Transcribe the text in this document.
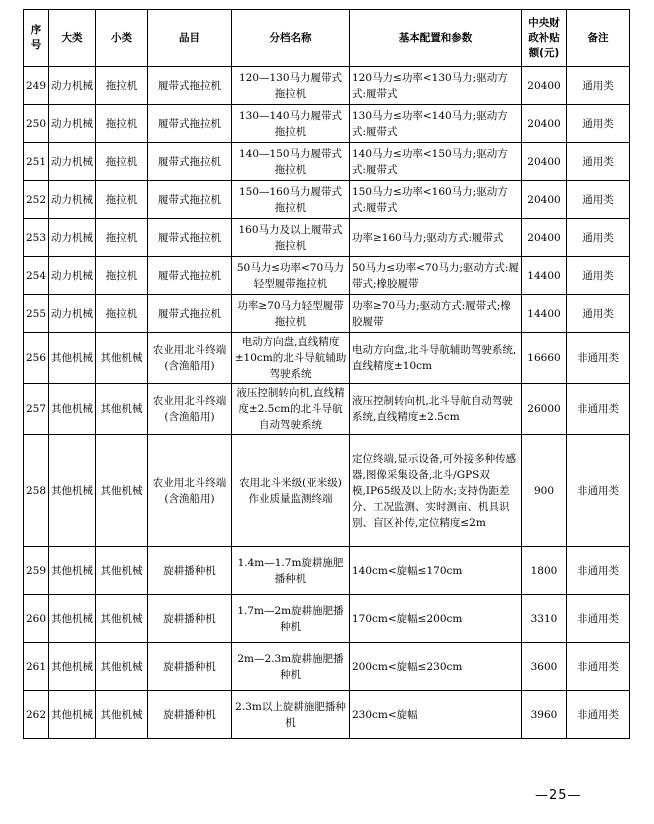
序号	大类	小类	品目	分档名称	基本配置和参数	中央财政补贴额(元)	备注
249	动力机械	拖拉机	履带式拖拉机	120—130马力履带式拖拉机	120马力≤功率<130马力;驱动方式:履带式	20400	通用类
250	动力机械	拖拉机	履带式拖拉机	130—140马力履带式拖拉机	130马力≤功率<140马力;驱动方式:履带式	20400	通用类
251	动力机械	拖拉机	履带式拖拉机	140—150马力履带式拖拉机	140马力≤功率<150马力;驱动方式:履带式	20400	通用类
252	动力机械	拖拉机	履带式拖拉机	150—160马力履带式拖拉机	150马力≤功率<160马力;驱动方式:履带式	20400	通用类
253	动力机械	拖拉机	履带式拖拉机	160马力及以上履带式拖拉机	功率≥160马力;驱动方式:履带式	20400	通用类
254	动力机械	拖拉机	履带式拖拉机	50马力≤功率<70马力轻型履带拖拉机	50马力≤功率<70马力;驱动方式:履带式;橡胶履带	14400	通用类
255	动力机械	拖拉机	履带式拖拉机	功率≥70马力轻型履带拖拉机	功率≥70马力;驱动方式:履带式;橡胶履带	14400	通用类
256	其他机械	其他机械	农业用北斗终端(含渔船用)	电动方向盘,直线精度±10cm的北斗导航辅助驾驶系统	电动方向盘,北斗导航辅助驾驶系统,直线精度±10cm	16660	非通用类
257	其他机械	其他机械	农业用北斗终端(含渔船用)	液压控制转向机,直线精度±2.5cm的北斗导航自动驾驶系统	液压控制转向机,北斗导航自动驾驶系统,直线精度±2.5cm	26000	非通用类
258	其他机械	其他机械	农业用北斗终端(含渔船用)	农用北斗米级(亚米级)作业质量监测终端	定位终端,显示设备,可外接多种传感器,图像采集设备,北斗/GPS双模,IP65级及以上防水;支持伪距差分、工况监测、实时测亩、机具识别、盲区补传,定位精度≤2m	900	非通用类
259	其他机械	其他机械	旋耕播种机	1.4m—1.7m旋耕施肥播种机	140cm<旋幅≤170cm	1800	非通用类
260	其他机械	其他机械	旋耕播种机	1.7m—2m旋耕施肥播种机	170cm<旋幅≤200cm	3310	非通用类
261	其他机械	其他机械	旋耕播种机	2m—2.3m旋耕施肥播种机	200cm<旋幅≤230cm	3600	非通用类
262	其他机械	其他机械	旋耕播种机	2.3m以上旋耕施肥播种机	230cm<旋幅	3960	非通用类
—25—
